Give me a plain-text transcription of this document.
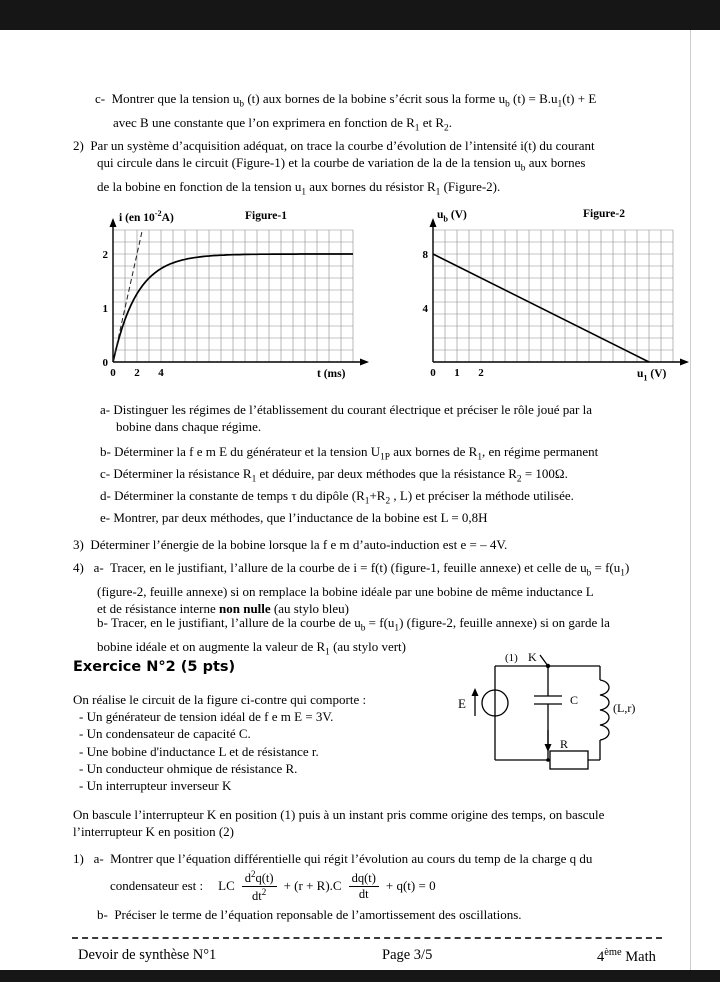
c-  Montrer que la tension $u_b$ (t) aux bornes de la bobine s’écrit sous la forme $u_b$ $(t) = B.u_1(t) + E$
avec B une constante que l’on exprimera en fonction de $R_1$ et $R_2$.
2)  Par un système d’acquisition adéquat, on trace la courbe d’évolution de l’intensité i(t) du courant
qui circule dans le circuit (Figure-1) et la courbe de variation de la de la tension $u_b$ aux bornes
de la bobine en fonction de la tension $u_1$ aux bornes du résistor $R_1$ (Figure-2).
0 2 4
0
1
2
i (en $10^{-2}A$)	Figure-1
t (ms)	0 1 2
4
8
$u_b$ (V)	Figure-2
$u_1$ (V)
a- Distinguer les régimes de l’établissement du courant électrique et préciser le rôle joué par la
bobine dans chaque régime.
b- Déterminer la f e m E du générateur et la tension $U_{1P}$ aux bornes de $R_1$, en régime permanent
c- Déterminer la résistance $R_1$ et déduire, par deux méthodes que la résistance $R_2 = 100\Omega$.
d- Déterminer la constante de temps τ du dipôle ($R_1+R_2$ , L) et préciser la méthode utilisée.
e- Montrer, par deux méthodes, que l’inductance de la bobine est L = 0,8H
3)  Déterminer l’énergie de la bobine lorsque la f e m d’auto-induction est e = – 4V.
4)   a-  Tracer, en le justifiant, l’allure de la courbe de i = f(t) (figure-1, feuille annexe) et celle de $u_b = f(u_1)$
(figure-2, feuille annexe) si on remplace la bobine idéale par une bobine de même inductance L
et de résistance interne non nulle (au stylo bleu)
b- Tracer, en le justifiant, l’allure de la courbe de $u_b = f(u_1)$ (figure-2, feuille annexe) si on garde la
bobine idéale et on augmente la valeur de $R_1$ (au stylo vert)
Exercice N°2 (5 pts)
On réalise le circuit de la figure ci-contre qui comporte :
- Un générateur de tension idéal de f e m E = 3V.
- Un condensateur de capacité C.
- Une bobine d'inductance L et de résistance r.
- Un conducteur ohmique de résistance R.
- Un interrupteur inverseur K
(1) K
C
R
E	(L,r)
On bascule l’interrupteur K en position (1) puis à un instant pris comme origine des temps, on bascule
l’interrupteur K en position (2)
1)   a-  Montrer que l’équation différentielle qui régit l’évolution au cours du temp de la charge q du
condensateur est : LC $\frac{d^2q(t)}{dt^2} + (r + R).C \frac{dq(t)}{dt} + q(t) = 0$
b-  Préciser le terme de l’équation reponsable de l’amortissement des oscillations.
Devoir de synthèse N°1	Page 3/5	4ème Math
